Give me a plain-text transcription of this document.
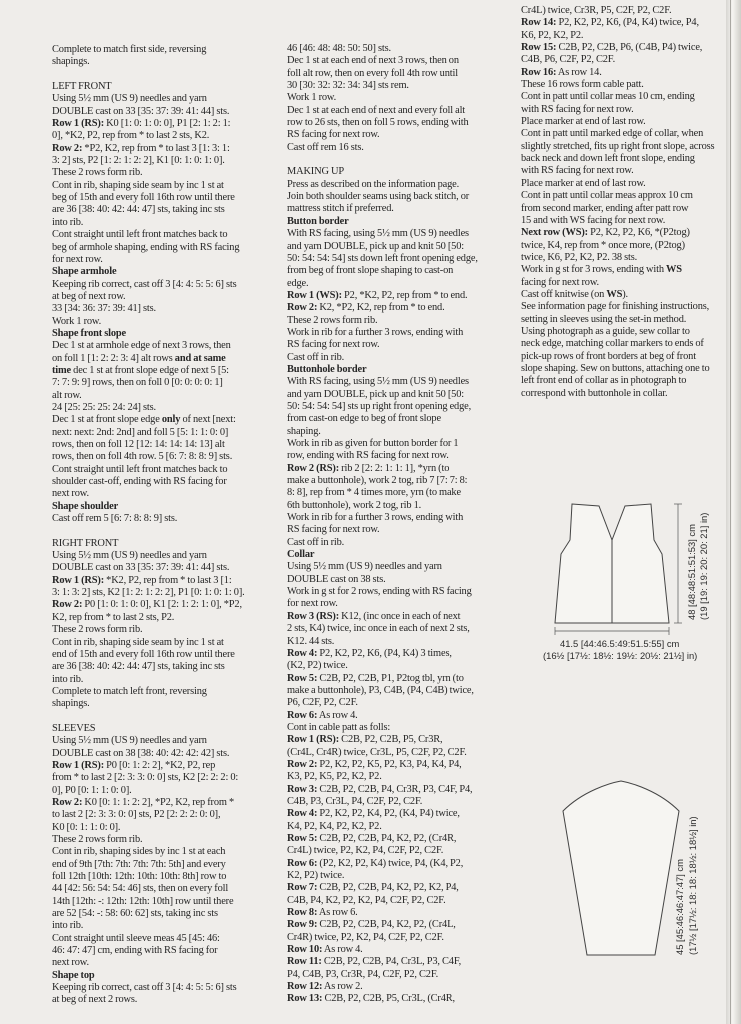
Complete to match first side, reversing
shapings.
LEFT FRONT
Using 5½ mm (US 9) needles and yarn
DOUBLE cast on 33 [35: 37: 39: 41: 44] sts.
Row 1 (RS): K0 [1: 0: 1: 0: 0], P1 [2: 1: 2: 1:
0], *K2, P2, rep from * to last 2 sts, K2.
Row 2: *P2, K2, rep from * to last 3 [1: 3: 1:
3: 2] sts, P2 [1: 2: 1: 2: 2], K1 [0: 1: 0: 1: 0].
These 2 rows form rib.
Cont in rib, shaping side seam by inc 1 st at
beg of 15th and every foll 16th row until there
are 36 [38: 40: 42: 44: 47] sts, taking inc sts
into rib.
Cont straight until left front matches back to
beg of armhole shaping, ending with RS facing
for next row.
Shape armhole
Keeping rib correct, cast off 3 [4: 4: 5: 5: 6] sts
at beg of next row.
33 [34: 36: 37: 39: 41] sts.
Work 1 row.
Shape front slope
Dec 1 st at armhole edge of next 3 rows, then
on foll 1 [1: 2: 2: 3: 4] alt rows and at same
time dec 1 st at front slope edge of next 5 [5:
7: 7: 9: 9] rows, then on foll 0 [0: 0: 0: 0: 1]
alt row.
24 [25: 25: 25: 24: 24] sts.
Dec 1 st at front slope edge only of next [next:
next: next: 2nd: 2nd] and foll 5 [5: 1: 1: 0: 0]
rows, then on foll 12 [12: 14: 14: 14: 13] alt
rows, then on foll 4th row. 5 [6: 7: 8: 8: 9] sts.
Cont straight until left front matches back to
shoulder cast-off, ending with RS facing for
next row.
Shape shoulder
Cast off rem 5 [6: 7: 8: 8: 9] sts.
RIGHT FRONT
Using 5½ mm (US 9) needles and yarn
DOUBLE cast on 33 [35: 37: 39: 41: 44] sts.
Row 1 (RS): *K2, P2, rep from * to last 3 [1:
3: 1: 3: 2] sts, K2 [1: 2: 1: 2: 2], P1 [0: 1: 0: 1: 0].
Row 2: P0 [1: 0: 1: 0: 0], K1 [2: 1: 2: 1: 0], *P2,
K2, rep from * to last 2 sts, P2.
These 2 rows form rib.
Cont in rib, shaping side seam by inc 1 st at
end of 15th and every foll 16th row until there
are 36 [38: 40: 42: 44: 47] sts, taking inc sts
into rib.
Complete to match left front, reversing
shapings.
SLEEVES
Using 5½ mm (US 9) needles and yarn
DOUBLE cast on 38 [38: 40: 42: 42: 42] sts.
Row 1 (RS): P0 [0: 1: 2: 2], *K2, P2, rep
from * to last 2 [2: 3: 3: 0: 0] sts, K2 [2: 2: 2: 0:
0], P0 [0: 1: 1: 0: 0].
Row 2: K0 [0: 1: 1: 2: 2], *P2, K2, rep from *
to last 2 [2: 3: 3: 0: 0] sts, P2 [2: 2: 2: 0: 0],
K0 [0: 1: 1: 0: 0].
These 2 rows form rib.
Cont in rib, shaping sides by inc 1 st at each
end of 9th [7th: 7th: 7th: 7th: 5th] and every
foll 12th [10th: 12th: 10th: 10th: 8th] row to
44 [42: 56: 54: 54: 46] sts, then on every foll
14th [12th: -: 12th: 12th: 10th] row until there
are 52 [54: -: 58: 60: 62] sts, taking inc sts
into rib.
Cont straight until sleeve meas 45 [45: 46:
46: 47: 47] cm, ending with RS facing for
next row.
Shape top
Keeping rib correct, cast off 3 [4: 4: 5: 5: 6] sts
at beg of next 2 rows.
46 [46: 48: 48: 50: 50] sts.
Dec 1 st at each end of next 3 rows, then on
foll alt row, then on every foll 4th row until
30 [30: 32: 32: 34: 34] sts rem.
Work 1 row.
Dec 1 st at each end of next and every foll alt
row to 26 sts, then on foll 5 rows, ending with
RS facing for next row.
Cast off rem 16 sts.
MAKING UP
Press as described on the information page.
Join both shoulder seams using back stitch, or
mattress stitch if preferred.
Button border
With RS facing, using 5½ mm (US 9) needles
and yarn DOUBLE, pick up and knit 50 [50:
50: 54: 54: 54] sts down left front opening edge,
from beg of front slope shaping to cast-on
edge.
Row 1 (WS): P2, *K2, P2, rep from * to end.
Row 2: K2, *P2, K2, rep from * to end.
These 2 rows form rib.
Work in rib for a further 3 rows, ending with
RS facing for next row.
Cast off in rib.
Buttonhole border
With RS facing, using 5½ mm (US 9) needles
and yarn DOUBLE, pick up and knit 50 [50:
50: 54: 54: 54] sts up right front opening edge,
from cast-on edge to beg of front slope
shaping.
Work in rib as given for button border for 1
row, ending with RS facing for next row.
Row 2 (RS): rib 2 [2: 2: 1: 1: 1], *yrn (to
make a buttonhole), work 2 tog, rib 7 [7: 7: 8:
8: 8], rep from * 4 times more, yrn (to make
6th buttonhole), work 2 tog, rib 1.
Work in rib for a further 3 rows, ending with
RS facing for next row.
Cast off in rib.
Collar
Using 5½ mm (US 9) needles and yarn
DOUBLE cast on 38 sts.
Work in g st for 2 rows, ending with RS facing
for next row.
Row 3 (RS): K12, (inc once in each of next
2 sts, K4) twice, inc once in each of next 2 sts,
K12. 44 sts.
Row 4: P2, K2, P2, K6, (P4, K4) 3 times,
(K2, P2) twice.
Row 5: C2B, P2, C2B, P1, P2tog tbl, yrn (to
make a buttonhole), P3, C4B, (P4, C4B) twice,
P6, C2F, P2, C2F.
Row 6: As row 4.
Cont in cable patt as folls:
Row 1 (RS): C2B, P2, C2B, P5, Cr3R,
(Cr4L, Cr4R) twice, Cr3L, P5, C2F, P2, C2F.
Row 2: P2, K2, P2, K5, P2, K3, P4, K4, P4,
K3, P2, K5, P2, K2, P2.
Row 3: C2B, P2, C2B, P4, Cr3R, P3, C4F, P4,
C4B, P3, Cr3L, P4, C2F, P2, C2F.
Row 4: P2, K2, P2, K4, P2, (K4, P4) twice,
K4, P2, K4, P2, K2, P2.
Row 5: C2B, P2, C2B, P4, K2, P2, (Cr4R,
Cr4L) twice, P2, K2, P4, C2F, P2, C2F.
Row 6: (P2, K2, P2, K4) twice, P4, (K4, P2,
K2, P2) twice.
Row 7: C2B, P2, C2B, P4, K2, P2, K2, P4,
C4B, P4, K2, P2, K2, P4, C2F, P2, C2F.
Row 8: As row 6.
Row 9: C2B, P2, C2B, P4, K2, P2, (Cr4L,
Cr4R) twice, P2, K2, P4, C2F, P2, C2F.
Row 10: As row 4.
Row 11: C2B, P2, C2B, P4, Cr3L, P3, C4F,
P4, C4B, P3, Cr3R, P4, C2F, P2, C2F.
Row 12: As row 2.
Row 13: C2B, P2, C2B, P5, Cr3L, (Cr4R,
Cr4L) twice, Cr3R, P5, C2F, P2, C2F.
Row 14: P2, K2, P2, K6, (P4, K4) twice, P4,
K6, P2, K2, P2.
Row 15: C2B, P2, C2B, P6, (C4B, P4) twice,
C4B, P6, C2F, P2, C2F.
Row 16: As row 14.
These 16 rows form cable patt.
Cont in patt until collar meas 10 cm, ending
with RS facing for next row.
Place marker at end of last row.
Cont in patt until marked edge of collar, when
slightly stretched, fits up right front slope, across
back neck and down left front slope, ending
with RS facing for next row.
Place marker at end of last row.
Cont in patt until collar meas approx 10 cm
from second marker, ending after patt row
15 and with WS facing for next row.
Next row (WS): P2, K2, P2, K6, *(P2tog)
twice, K4, rep from * once more, (P2tog)
twice, K6, P2, K2, P2. 38 sts.
Work in g st for 3 rows, ending with WS
facing for next row.
Cast off knitwise (on WS).
See information page for finishing instructions,
setting in sleeves using the set-in method.
Using photograph as a guide, sew collar to
neck edge, matching collar markers to ends of
pick-up rows of front borders at beg of front
slope shaping. Sew on buttons, attaching one to
left front end of collar as in photograph to
correspond with buttonhole in collar.
41.5 [44:46.5:49:51.5:55] cm
(16½ [17½: 18½: 19½: 20½: 21½] in)
48 [48:48:51:51:53] cm (19 [19: 19: 20: 20: 21] in)
45 [45:46:46:47:47] cm (17½ [17½: 18: 18: 18½: 18½] in)
